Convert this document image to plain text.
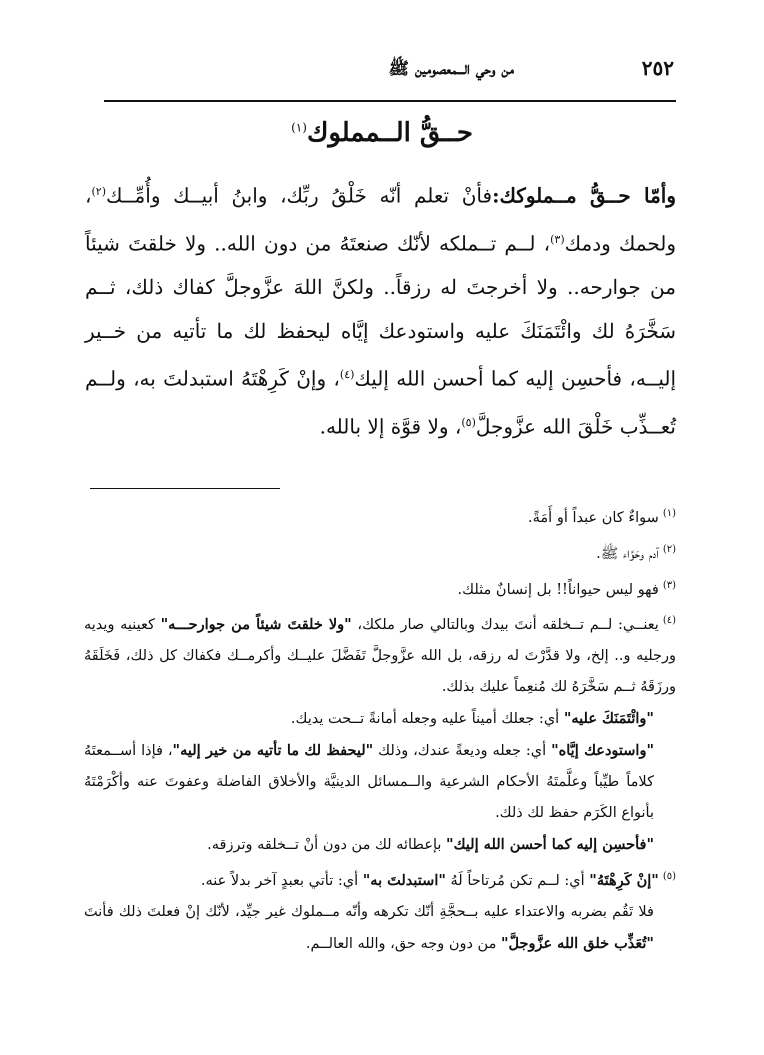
٢٥٢
من وحي الـــمعصومين ﷺ
حــقُّ الــمملوك$^{(١)}$
وأمّا حــقُّ مــملوكك:فأنْ تعلم أنّه خَلْقُ ربِّك، وابنُ أبيــك وأُمِّــك$^{(٢)}$، ولحمك ودمك$^{(٣)}$، لــم تــملكه لأنّك صنعتَهُ من دون الله.. ولا خلقتَ شيئاً من جوارحه.. ولا أخرجتَ له رزقاً.. ولكنَّ اللهَ عزَّوجلَّ كفاك ذلك، ثــم سَخَّرَهُ لك وائْتَمَنَكَ عليه واستودعك إيَّاه ليحفظ لك ما تأتيه من خــير إليــه، فأحسِن إليه كما أحسن الله إليك$^{(٤)}$، وإنْ كَرِهْتَهُ استبدلتَ به، ولــم تُعــذِّب خَلْقَ الله عزَّوجلَّ$^{(٥)}$، ولا قوَّة إلا بالله.

$^{(١)}$سواءٌ كان عبداً أو أَمَةً.

$^{(٢)}$آدم وحَوَّاء ﷺ.

$^{(٣)}$فهو ليس حيواناً!! بل إنسانٌ مثلك.

$^{(٤)}$يعنــي: لــم تــخلقه أنتَ بيدك وبالتالي صار ملكك، "ولا خلقتَ شيئاً من جوارحـــه" كعينيه ويديه ورجليه و.. إلخ، ولا قدَّرْتَ له رزقه، بل الله عزَّوجلَّ تَفَضَّلَ عليــك وأكرمــك فكفاك كل ذلك، فَخَلَقَهُ ورزَقَهُ ثــم سَخَّرَهُ لك مُنعِماً عليك بذلك.

"وائْتَمَنَكَ عليه" أي: جعلك أميناً عليه وجعله أمانةً تــحت يديك.

"واستودعك إيَّاه" أي: جعله وديعةً عندك، وذلك "ليحفظ لك ما تأتيه من خير إليه"، فإذا أســمعتَهُ كلاماً طيِّباً وعلَّمتَهُ الأحكام الشرعية والــمسائل الدينيَّة والأخلاق الفاضلة وعفوتَ عنه وأكْرَمْتَهُ بأنواع الكَرَم حفظ لك ذلك.

"فأحسِن إليه كما أحسن الله إليك" بإعطائه لك من دون أنْ تــخلقه وترزقه.

$^{(٥)}$"إنْ كَرِهْتَهُ" أي: لــم تكن مُرتاحاً لَهُ "استبدلتَ به" أي: تأتي بعبدٍ آخر بدلاً عنه.

فلا تَقُم بضربه والاعتداء عليه بــحجَّةِ أنّك تكرهه وأنّه مــملوك غير جيِّد، لأنّك إنْ فعلتَ ذلك فأنتَ "تُعَذِّب خلق الله عزَّوجلَّ" من دون وجه حق، والله العالــم.
